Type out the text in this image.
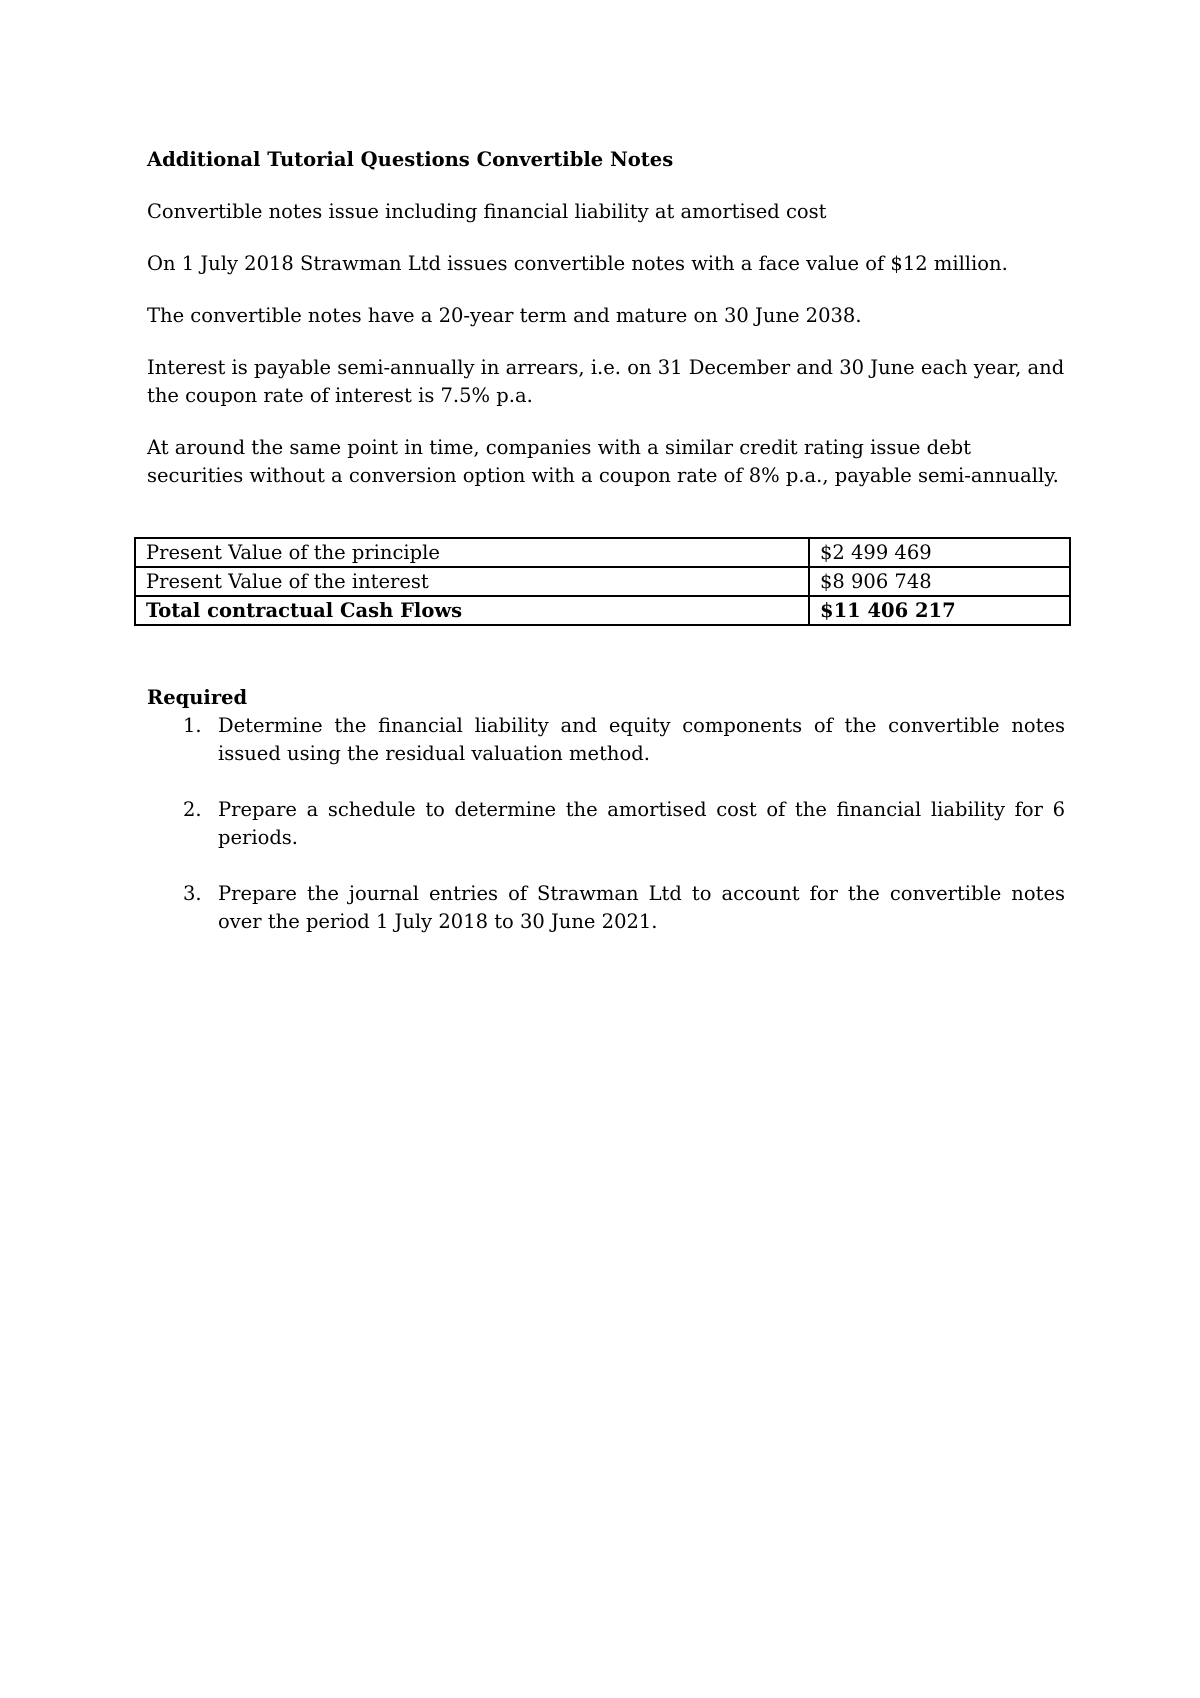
Additional Tutorial Questions Convertible Notes

Convertible notes issue including financial liability at amortised cost

On 1 July 2018 Strawman Ltd issues convertible notes with a face value of $12 million.

The convertible notes have a 20-year term and mature on 30 June 2038.

Interest is payable semi-annually in arrears, i.e. on 31 December and 30 June each year, and the coupon rate of interest is 7.5% p.a.

At around the same point in time, companies with a similar credit rating issue debt securities without a conversion option with a coupon rate of 8% p.a., payable semi-annually.

Present Value of the principle	$2 499 469
Present Value of the interest	$8 906 748
Total contractual Cash Flows	$11 406 217

Required

1. Determine the financial liability and equity components of the convertible notes issued using the residual valuation method.
2. Prepare a schedule to determine the amortised cost of the financial liability for 6 periods.
3. Prepare the journal entries of Strawman Ltd to account for the convertible notes over the period 1 July 2018 to 30 June 2021.
